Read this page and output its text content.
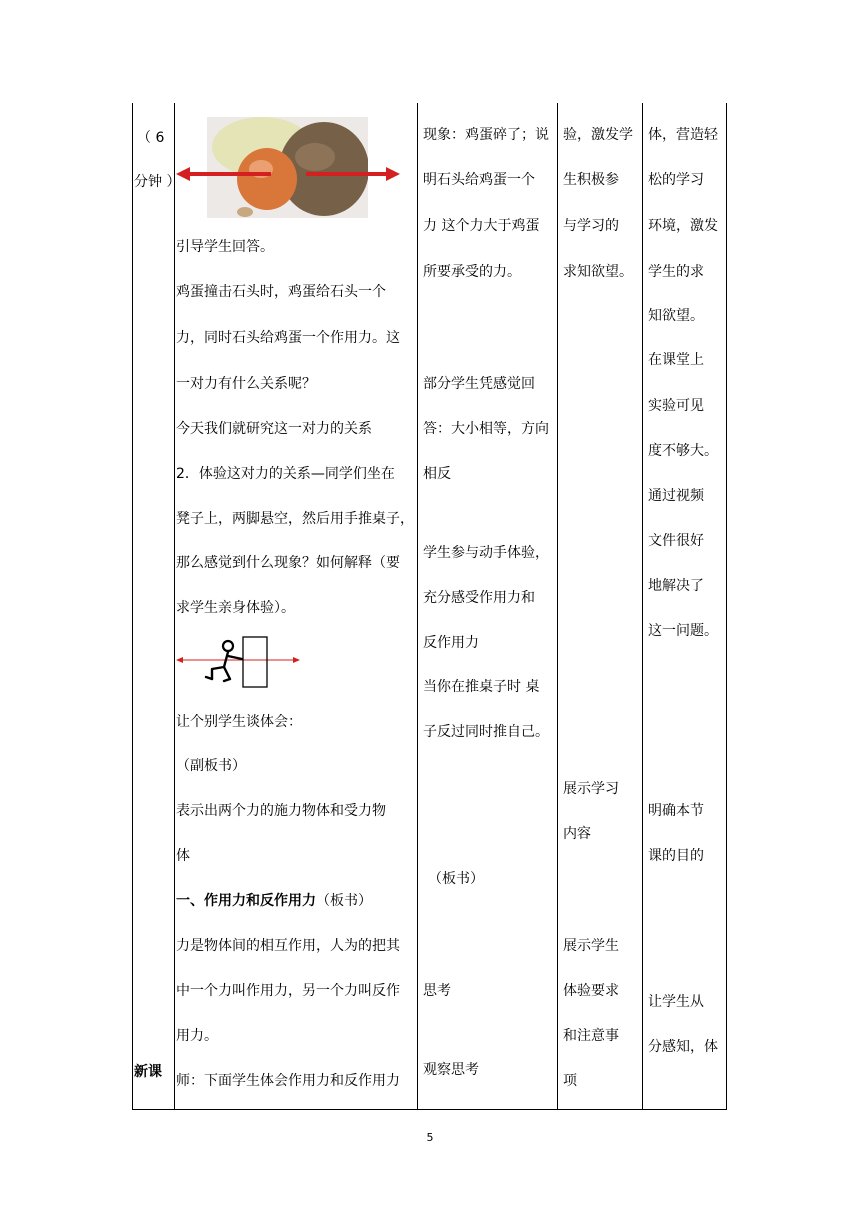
（ 6
分钟 ）
新课
引导学生回答。
鸡蛋撞击石头时，鸡蛋给石头一个
力，同时石头给鸡蛋一个作用力。这
一对力有什么关系呢？
今天我们就研究这一对力的关系
2．体验这对力的关系—同学们坐在
凳子上，两脚悬空，然后用手推桌子，
那么感觉到什么现象？如何解释（要
求学生亲身体验）。
让个别学生谈体会：
（副板书）
表示出两个力的施力物体和受力物
体
一、作用力和反作用力（板书）
力是物体间的相互作用，人为的把其
中一个力叫作用力，另一个力叫反作
用力。
师：下面学生体会作用力和反作用力
现象：鸡蛋碎了；说
明石头给鸡蛋一个
力 这个力大于鸡蛋
所要承受的力。
部分学生凭感觉回
答：大小相等，方向
相反
学生参与动手体验，
充分感受作用力和
反作用力
当你在推桌子时 桌
子反过同时推自己。
（板书）
思考
观察思考
验，激发学
生积极参
与学习的
求知欲望。
展示学习
内容
展示学生
体验要求
和注意事
项
体，营造轻
松的学习
环境，激发
学生的求
知欲望。
在课堂上
实验可见
度不够大。
通过视频
文件很好
地解决了
这一问题。
明确本节
课的目的
让学生从
分感知，体
5
